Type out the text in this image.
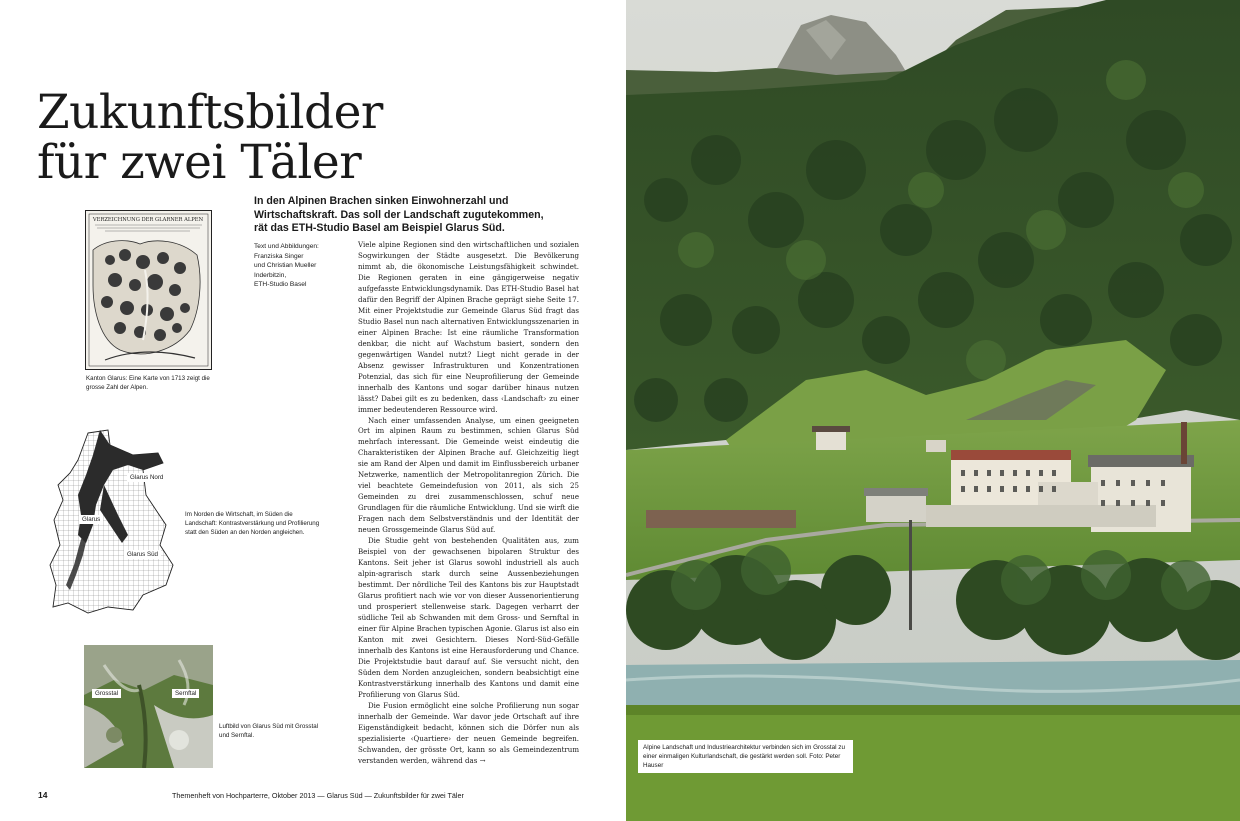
Zukunftsbilder
für zwei Täler
In den Alpinen Brachen sinken Einwohnerzahl und Wirtschaftskraft. Das soll der Landschaft zugutekommen, rät das ETH-Studio Basel am Beispiel Glarus Süd.
Text und Abbildungen:
Franziska Singer
und Christian Mueller
Inderbitzin,
ETH-Studio Basel

Viele alpine Regionen sind den wirtschaftlichen und sozialen Sogwirkungen der Städte ausgesetzt. Die Bevölkerung nimmt ab, die ökonomische Leistungsfähigkeit schwindet. Die Regionen geraten in eine gängigerweise negativ aufgefasste Entwicklungsdynamik. Das ETH-Studio Basel hat dafür den Begriff der Alpinen Brache geprägt siehe Seite 17. Mit einer Projektstudie zur Gemeinde Glarus Süd fragt das Studio Basel nun nach alternativen Entwicklungsszenarien in einer Alpinen Brache: Ist eine räumliche Transformation denkbar, die nicht auf Wachstum basiert, sondern den gegenwärtigen Wandel nutzt? Liegt nicht gerade in der Absenz gewisser Infrastrukturen und Konzentrationen Potenzial, das sich für eine Neuprofilierung der Gemeinde innerhalb des Kantons und sogar darüber hinaus nutzen lässt? Dabei gilt es zu bedenken, dass ‹Landschaft› zu einer immer bedeutenderen Ressource wird.

Nach einer umfassenden Analyse, um einen geeigneten Ort im alpinen Raum zu bestimmen, schien Glarus Süd mehrfach interessant. Die Gemeinde weist eindeutig die Charakteristiken der Alpinen Brache auf. Gleichzeitig liegt sie am Rand der Alpen und damit im Einflussbereich urbaner Netzwerke, namentlich der Metropolitanregion Zürich. Die viel beachtete Gemeindefusion von 2011, als sich 25 Gemeinden zu drei zusammenschlossen, schuf neue Grundlagen für die räumliche Entwicklung. Und sie wirft die Fragen nach dem Selbstverständnis und der Identität der neuen Grossgemeinde Glarus Süd auf.

Die Studie geht von bestehenden Qualitäten aus, zum Beispiel von der gewachsenen bipolaren Struktur des Kantons. Seit jeher ist Glarus sowohl industriell als auch alpin-agrarisch stark durch seine Aussenbeziehungen bestimmt. Der nördliche Teil des Kantons bis zur Hauptstadt Glarus profitiert nach wie vor von dieser Aussenorientierung und prosperiert stellenweise stark. Dagegen verharrt der südliche Teil ab Schwanden mit dem Gross- und Sernftal in einer für Alpine Brachen typischen Agonie. Glarus ist also ein Kanton mit zwei Gesichtern. Dieses Nord-Süd-Gefälle innerhalb des Kantons ist eine Herausforderung und Chance. Die Projektstudie baut darauf auf. Sie versucht nicht, den Süden dem Norden anzugleichen, sondern beabsichtigt eine Kontrastverstärkung innerhalb des Kantons und damit eine Profilierung von Glarus Süd.

Die Fusion ermöglicht eine solche Profilierung nun sogar innerhalb der Gemeinde. War davor jede Ortschaft auf ihre Eigenständigkeit bedacht, können sich die Dörfer nun als spezialisierte ‹Quartiere› der neuen Gemeinde begreifen. Schwanden, der grösste Ort, kann so als Gemeindezentrum verstanden werden, während das →

VERZEICHNUNG DER GLARNER ALPEN
Kanton Glarus: Eine Karte von 1713 zeigt die grosse Zahl der Alpen.
Glarus Nord
Glarus
Glarus Süd
Im Norden die Wirtschaft, im Süden die Landschaft: Kontrastverstärkung und Profilierung statt den Süden an den Norden angleichen.
Grosstal	Sernftal
Luftbild von Glarus Süd mit Grosstal und Sernftal.
14	Themenheft von Hochparterre, Oktober 2013 — Glarus Süd — Zukunftsbilder für zwei Täler
Alpine Landschaft und Industriearchitektur verbinden sich im Grosstal zu einer einmaligen Kulturlandschaft, die gestärkt werden soll. Foto: Peter Hauser
